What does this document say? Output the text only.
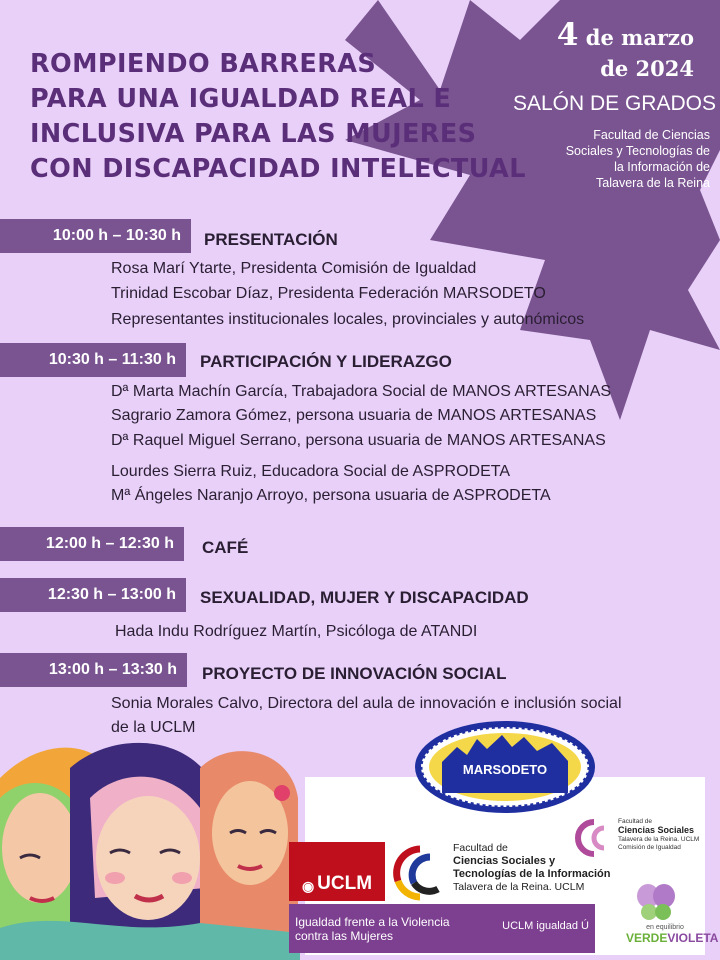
ROMPIENDO BARRERAS
PARA UNA IGUALDAD REAL E
INCLUSIVA PARA LAS MUJERES
CON DISCAPACIDAD INTELECTUAL
4 de marzo
de 2024
SALÓN DE GRADOS
Facultad de Ciencias
Sociales y Tecnologías de
la Información de
Talavera de la Reina
10:00 h – 10:30 h	PRESENTACIÓN
Rosa Marí Ytarte, Presidenta Comisión de Igualdad
Trinidad Escobar Díaz, Presidenta Federación MARSODETO
Representantes institucionales locales, provinciales y autonómicos
10:30 h – 11:30 h	PARTICIPACIÓN Y LIDERAZGO
Dª Marta Machín García, Trabajadora Social de MANOS ARTESANAS
Sagrario Zamora Gómez, persona usuaria de MANOS ARTESANAS
Dª Raquel Miguel Serrano, persona usuaria de MANOS ARTESANAS
Lourdes Sierra Ruiz, Educadora Social de ASPRODETA
Mª Ángeles Naranjo Arroyo, persona usuaria de ASPRODETA
12:00 h – 12:30 h	CAFÉ
12:30 h – 13:00 h	SEXUALIDAD, MUJER Y DISCAPACIDAD
Hada Indu Rodríguez Martín, Psicóloga de ATANDI
13:00 h – 13:30 h	PROYECTO DE INNOVACIÓN SOCIAL
Sonia Morales Calvo, Directora del aula de innovación e inclusión social
de la UCLM
MARSODETO
◉ UCLM
Facultad de
Ciencias Sociales y
Tecnologías de la Información
Talavera de la Reina. UCLM
Facultad de
Ciencias Sociales
Talavera de la Reina. UCLM
Comisión de Igualdad
Igualdad frente a la Violencia
contra las Mujeres
UCLM igualdad Ú	en equilibrio
VERDEVIOLETA
